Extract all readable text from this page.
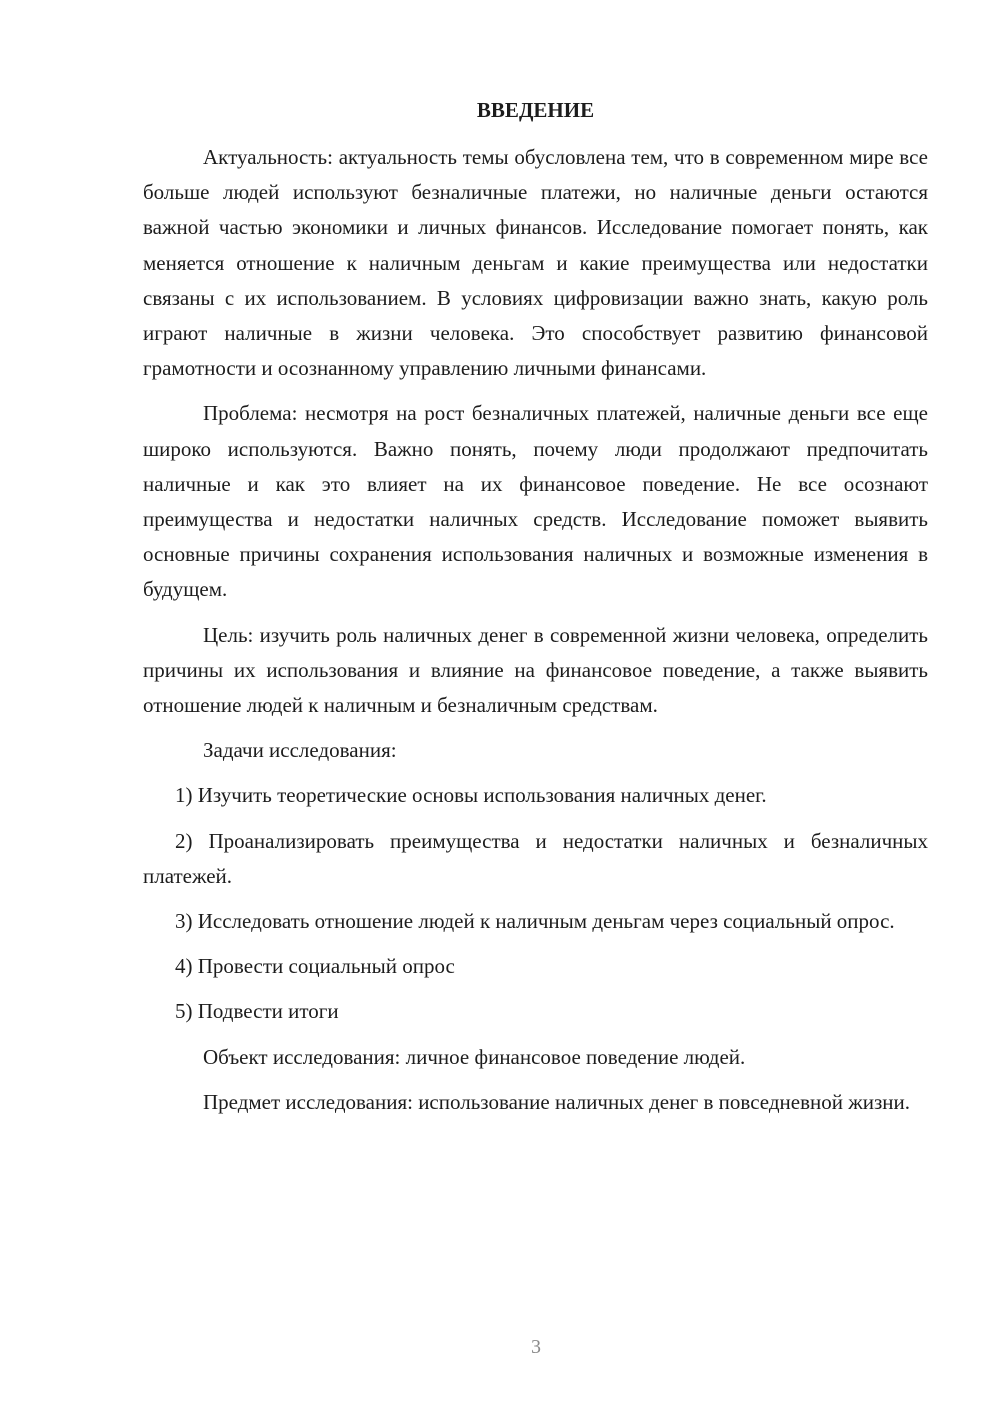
ВВЕДЕНИЕ

Актуальность: актуальность темы обусловлена тем, что в современном мире все больше людей используют безналичные платежи, но наличные деньги остаются важной частью экономики и личных финансов. Исследование помогает понять, как меняется отношение к наличным деньгам и какие преимущества или недостатки связаны с их использованием. В условиях цифровизации важно знать, какую роль играют наличные в жизни человека. Это способствует развитию финансовой грамотности и осознанному управлению личными финансами.

Проблема: несмотря на рост безналичных платежей, наличные деньги все еще широко используются. Важно понять, почему люди продолжают предпочитать наличные и как это влияет на их финансовое поведение. Не все осознают преимущества и недостатки наличных средств. Исследование поможет выявить основные причины сохранения использования наличных и возможные изменения в будущем.

Цель: изучить роль наличных денег в современной жизни человека, определить причины их использования и влияние на финансовое поведение, а также выявить отношение людей к наличным и безналичным средствам.

Задачи исследования:

1) Изучить теоретические основы использования наличных денег.

2) Проанализировать преимущества и недостатки наличных и безналичных платежей.

3) Исследовать отношение людей к наличным деньгам через социальный опрос.

4) Провести социальный опрос

5) Подвести итоги

Объект исследования: личное финансовое поведение людей.

Предмет исследования: использование наличных денег в повседневной жизни.

3
